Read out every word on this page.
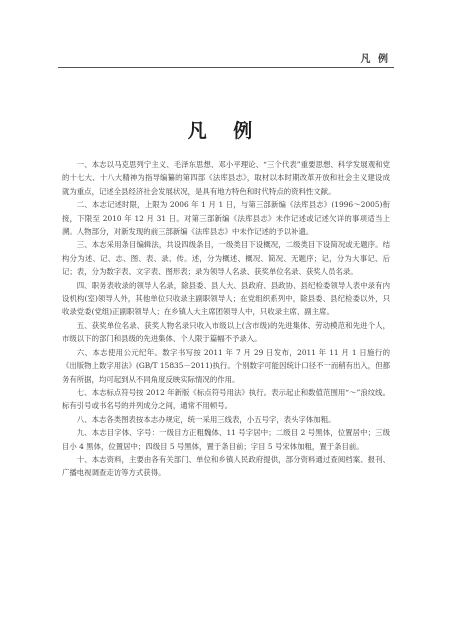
凡 例
凡 例

一、本志以马克思列宁主义、毛泽东思想、邓小平理论、“三个代表”重要思想、科学发展观和党的十七大、十八大精神为指导编纂的第四部《法库县志》，取材以本时期改革开放和社会主义建设成就为重点，记述全县经济社会发展状况，是具有地方特色和时代特点的资料性文献。

二、本志记述时限，上限为 2006 年 1 月 1 日，与第三部新编《法库县志》(1996～2005)衔接，下限至 2010 年 12 月 31 日。对第三部新编《法库县志》未作记述或记述欠详的事项适当上溯。人物部分，对新发现的前三部新编《法库县志》中未作记述的予以补遗。

三、本志采用条目编辑法，共设四级条目，一级类目下设概况，二级类目下设简况或无题序。结构分为述、记、志、图、表、录、传。述，分为概述、概况、简况、无题序；记，分为大事记、后记；表，分为数字表、文字表、图形表；录为领导人名录、获奖单位名录、获奖人员名录。

四、职务表收录的领导人名录，除县委、县人大、县政府、县政协、县纪检委领导人表中录有内设机构(室)领导人外，其他单位只收录主副职领导人；在党组织系列中，除县委、县纪检委以外，只收录党委(党组)正副职领导人；在乡镇人大主席团领导人中，只收录主席、副主席。

五、获奖单位名录、获奖人物名录只收入市级以上(含市级)的先进集体、劳动模范和先进个人，市级以下的部门和县级的先进集体、个人限于篇幅不予录入。

六、本志使用公元纪年。数字书写按 2011 年 7 月 29 日发布，2011 年 11 月 1 日施行的《出版物上数字用法》(GB/T 15835－2011)执行。个别数字可能因统计口径不一而稍有出入，但都务有所据，均可起到从不同角度反映实际情况的作用。

七、本志标点符号按 2012 年新版《标点符号用法》执行。表示起止和数值范围用“～”浪纹线。标有引号或书名号的并列成分之间，通常不用顿号。

八、本志各类图表按本志办规定，统一采用三线表，小五号字，表头字体加粗。

九、本志目字体、字号：一级目方正粗魏体、11 号字居中；二级目 2 号黑体，位置居中；三级目小 4 黑体，位置居中；四级目 5 号黑体，置于条目前；字目 5 号宋体加粗，置于条目前。

十、本志资料，主要由各有关部门、单位和乡镇人民政府提供，部分资料通过查阅档案、报刊、广播电视调查走访等方式获得。
